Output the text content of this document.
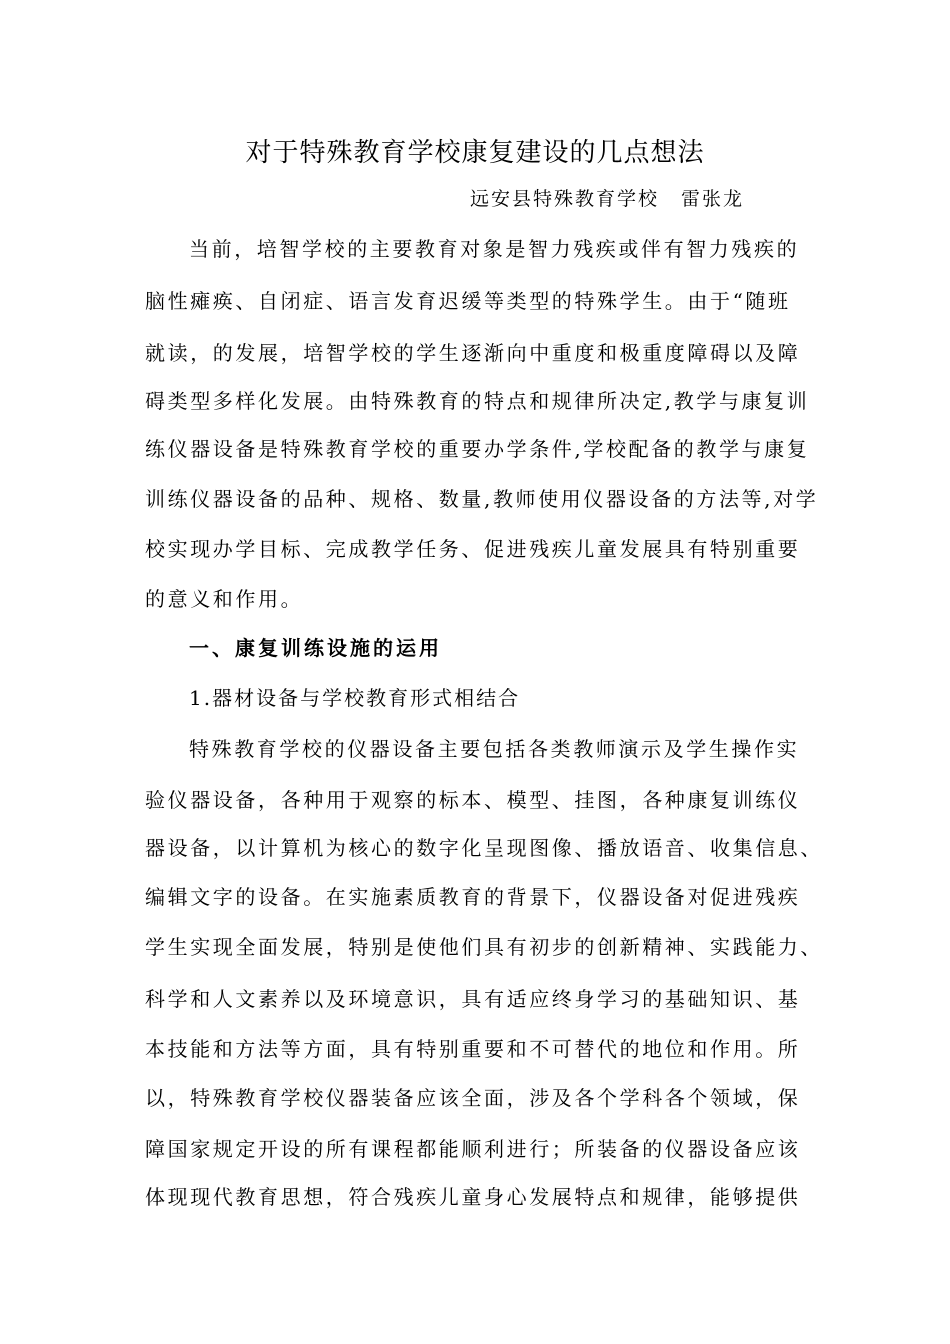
对于特殊教育学校康复建设的几点想法
远安县特殊教育学校 雷张龙
当前，培智学校的主要教育对象是智力残疾或伴有智力残疾的
脑性瘫痪、自闭症、语言发育迟缓等类型的特殊学生。由于“随班
就读，的发展，培智学校的学生逐渐向中重度和极重度障碍以及障
碍类型多样化发展。由特殊教育的特点和规律所决定,教学与康复训
练仪器设备是特殊教育学校的重要办学条件,学校配备的教学与康复
训练仪器设备的品种、规格、数量,教师使用仪器设备的方法等,对学
校实现办学目标、完成教学任务、促进残疾儿童发展具有特别重要
的意义和作用。
一、康复训练设施的运用
1.器材设备与学校教育形式相结合
特殊教育学校的仪器设备主要包括各类教师演示及学生操作实
验仪器设备，各种用于观察的标本、模型、挂图，各种康复训练仪
器设备，以计算机为核心的数字化呈现图像、播放语音、收集信息、
编辑文字的设备。在实施素质教育的背景下，仪器设备对促进残疾
学生实现全面发展，特别是使他们具有初步的创新精神、实践能力、
科学和人文素养以及环境意识，具有适应终身学习的基础知识、基
本技能和方法等方面，具有特别重要和不可替代的地位和作用。所
以，特殊教育学校仪器装备应该全面，涉及各个学科各个领域，保
障国家规定开设的所有课程都能顺利进行；所装备的仪器设备应该
体现现代教育思想，符合残疾儿童身心发展特点和规律，能够提供
